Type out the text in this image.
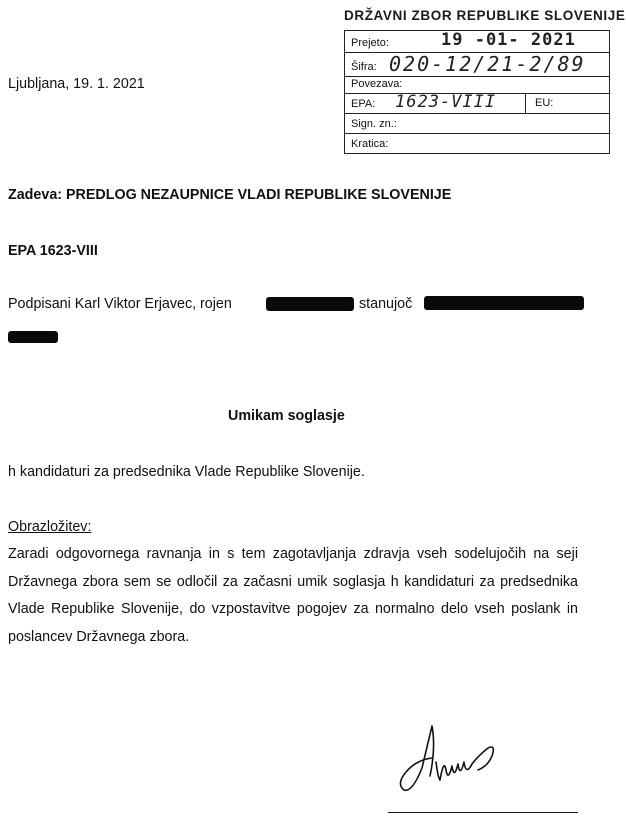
DRŽAVNI ZBOR REPUBLIKE SLOVENIJE
Prejeto:	19 -01- 2021
Šifra: 020-12/21-2/89
Povezava:
EPA: 1623-VIII	EU:
Sign. zn.:
Kratica:
Ljubljana, 19. 1. 2021
Zadeva: PREDLOG NEZAUPNICE VLADI REPUBLIKE SLOVENIJE
EPA 1623-VIII
Podpisani Karl Viktor Erjavec, rojen	stanujoč
Umikam soglasje
h kandidaturi za predsednika Vlade Republike Slovenije.
Obrazložitev:
Zaradi odgovornega ravnanja in s tem zagotavljanja zdravja vseh sodelujočih na seji Državnega zbora sem se odločil za začasni umik soglasja h kandidaturi za predsednika Vlade Republike Slovenije, do vzpostavitve pogojev za normalno delo vseh poslank in poslancev Državnega zbora.
